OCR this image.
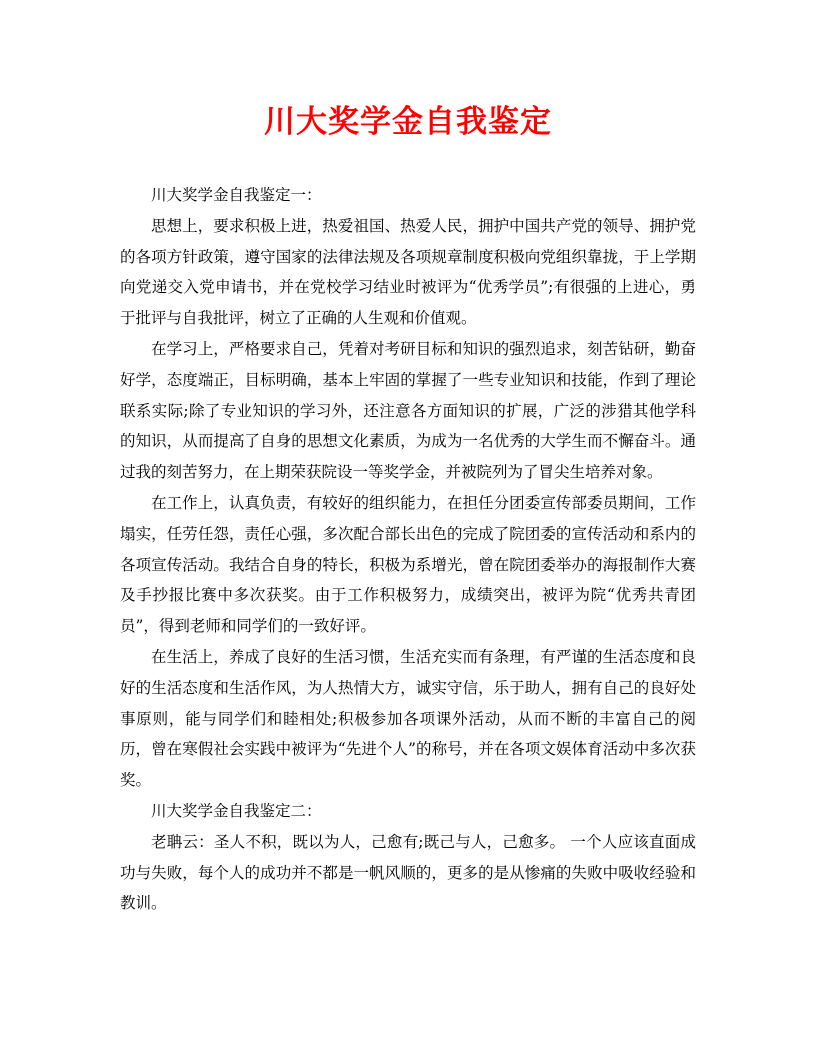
川大奖学金自我鉴定

川大奖学金自我鉴定一：

思想上，要求积极上进，热爱祖国、热爱人民，拥护中国共产党的领导、拥护党的各项方针政策，遵守国家的法律法规及各项规章制度积极向党组织靠拢，于上学期向党递交入党申请书，并在党校学习结业时被评为“优秀学员”;有很强的上进心，勇于批评与自我批评，树立了正确的人生观和价值观。

在学习上，严格要求自己，凭着对考研目标和知识的强烈追求，刻苦钻研，勤奋好学，态度端正，目标明确，基本上牢固的掌握了一些专业知识和技能，作到了理论联系实际;除了专业知识的学习外，还注意各方面知识的扩展，广泛的涉猎其他学科的知识，从而提高了自身的思想文化素质，为成为一名优秀的大学生而不懈奋斗。通过我的刻苦努力，在上期荣获院设一等奖学金，并被院列为了冒尖生培养对象。

在工作上，认真负责，有较好的组织能力，在担任分团委宣传部委员期间，工作塌实，任劳任怨，责任心强，多次配合部长出色的完成了院团委的宣传活动和系内的各项宣传活动。我结合自身的特长，积极为系增光，曾在院团委举办的海报制作大赛及手抄报比赛中多次获奖。由于工作积极努力，成绩突出，被评为院“优秀共青团员”，得到老师和同学们的一致好评。

在生活上，养成了良好的生活习惯，生活充实而有条理，有严谨的生活态度和良好的生活态度和生活作风，为人热情大方，诚实守信，乐于助人，拥有自己的良好处事原则，能与同学们和睦相处;积极参加各项课外活动，从而不断的丰富自己的阅历，曾在寒假社会实践中被评为“先进个人”的称号，并在各项文娱体育活动中多次获奖。

川大奖学金自我鉴定二：

老聃云：圣人不积，既以为人，己愈有;既己与人，己愈多。 一个人应该直面成功与失败，每个人的成功并不都是一帆风顺的，更多的是从惨痛的失败中吸收经验和教训。
